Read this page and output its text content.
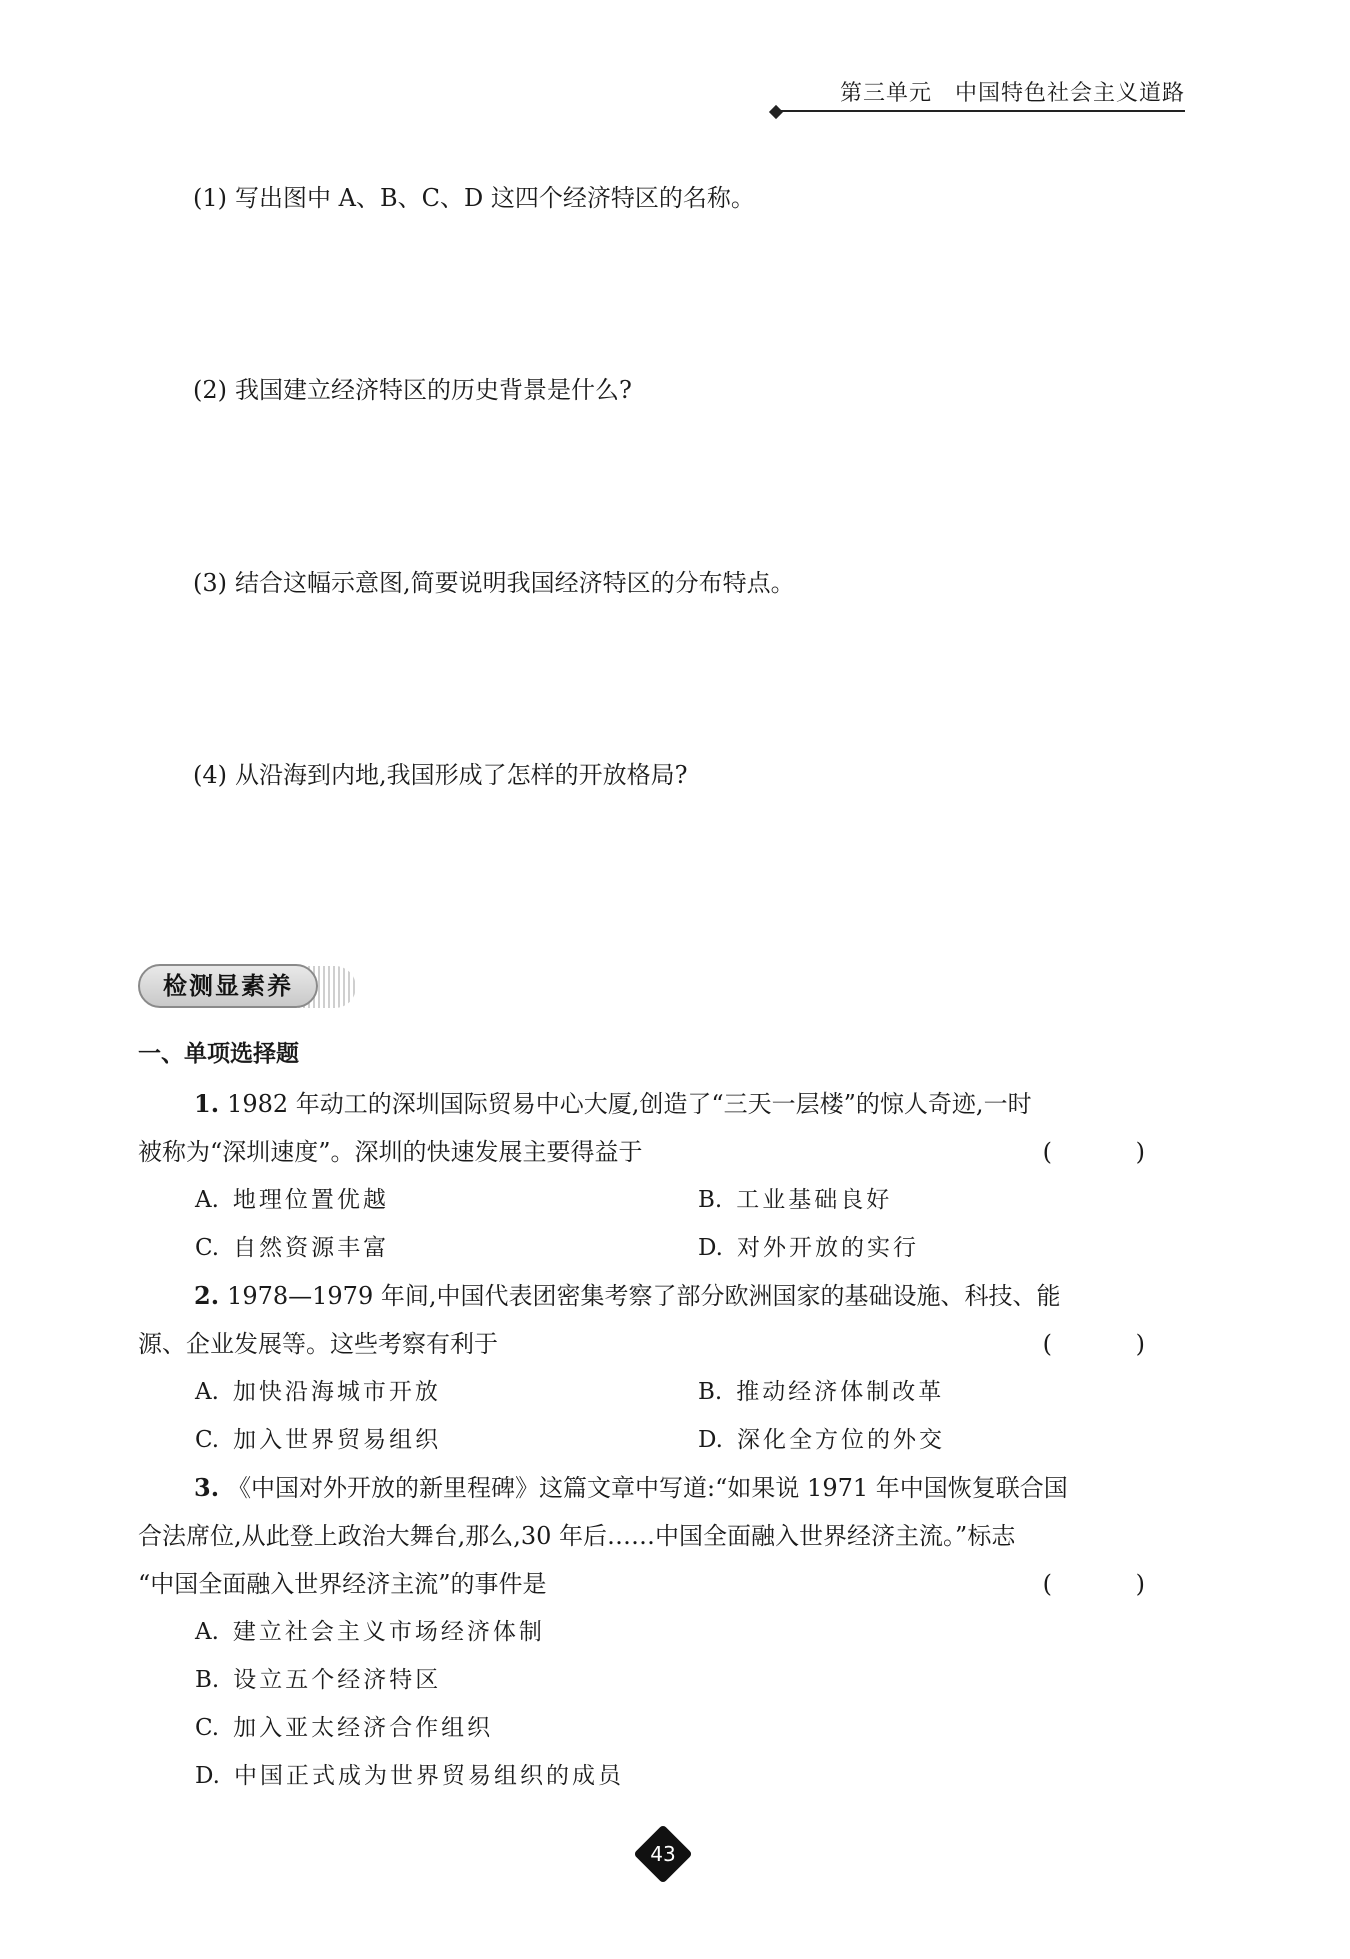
第三单元　中国特色社会主义道路
(1) 写出图中 A、B、C、D 这四个经济特区的名称。
(2) 我国建立经济特区的历史背景是什么?
(3) 结合这幅示意图,简要说明我国经济特区的分布特点。
(4) 从沿海到内地,我国形成了怎样的开放格局?
检测显素养
一、单项选择题
1. 1982 年动工的深圳国际贸易中心大厦,创造了“三天一层楼”的惊人奇迹,一时
被称为“深圳速度”。深圳的快速发展主要得益于	( )
A. 地理位置优越	B. 工业基础良好
C. 自然资源丰富	D. 对外开放的实行
2. 1978—1979 年间,中国代表团密集考察了部分欧洲国家的基础设施、科技、能
源、企业发展等。这些考察有利于	( )
A. 加快沿海城市开放	B. 推动经济体制改革
C. 加入世界贸易组织	D. 深化全方位的外交
3. 《中国对外开放的新里程碑》这篇文章中写道:“如果说 1971 年中国恢复联合国
合法席位,从此登上政治大舞台,那么,30 年后……中国全面融入世界经济主流。”标志
“中国全面融入世界经济主流”的事件是	( )
A. 建立社会主义市场经济体制
B. 设立五个经济特区
C. 加入亚太经济合作组织
D. 中国正式成为世界贸易组织的成员
43
